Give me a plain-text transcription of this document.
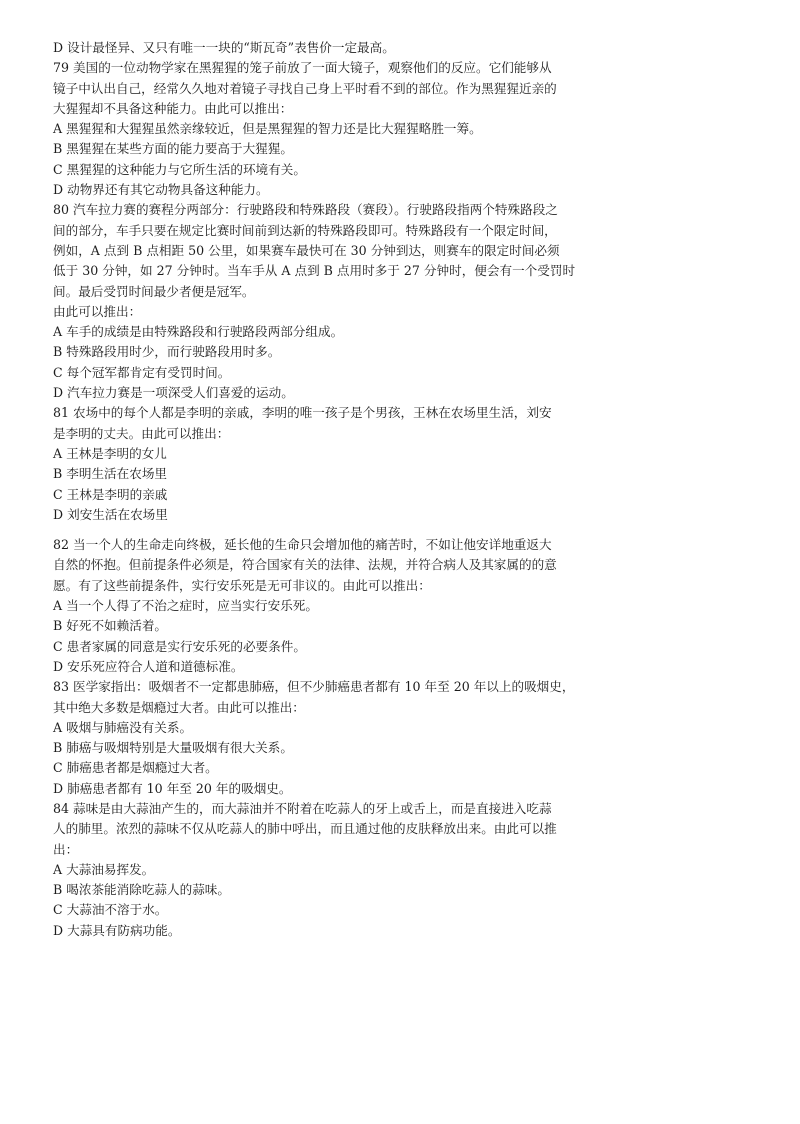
D 设计最怪异、又只有唯一一块的“斯瓦奇”表售价一定最高。
79 美国的一位动物学家在黑猩猩的笼子前放了一面大镜子，观察他们的反应。它们能够从
镜子中认出自己，经常久久地对着镜子寻找自己身上平时看不到的部位。作为黑猩猩近亲的
大猩猩却不具备这种能力。由此可以推出：
A 黑猩猩和大猩猩虽然亲缘较近，但是黑猩猩的智力还是比大猩猩略胜一筹。
B 黑猩猩在某些方面的能力要高于大猩猩。
C 黑猩猩的这种能力与它所生活的环境有关。
D 动物界还有其它动物具备这种能力。
80 汽车拉力赛的赛程分两部分：行驶路段和特殊路段（赛段）。行驶路段指两个特殊路段之
间的部分，车手只要在规定比赛时间前到达新的特殊路段即可。特殊路段有一个限定时间，
例如，A 点到 B 点相距 50 公里，如果赛车最快可在 30 分钟到达，则赛车的限定时间必须
低于 30 分钟，如 27 分钟时。当车手从 A 点到 B 点用时多于 27 分钟时，便会有一个受罚时
间。最后受罚时间最少者便是冠军。
由此可以推出：
A 车手的成绩是由特殊路段和行驶路段两部分组成。
B 特殊路段用时少，而行驶路段用时多。
C 每个冠军都肯定有受罚时间。
D 汽车拉力赛是一项深受人们喜爱的运动。
81 农场中的每个人都是李明的亲戚，李明的唯一孩子是个男孩，王林在农场里生活，刘安
是李明的丈夫。由此可以推出：
A 王林是李明的女儿
B 李明生活在农场里
C 王林是李明的亲戚
D 刘安生活在农场里
82 当一个人的生命走向终极，延长他的生命只会增加他的痛苦时，不如让他安详地重返大
自然的怀抱。但前提条件必须是，符合国家有关的法律、法规，并符合病人及其家属的的意
愿。有了这些前提条件，实行安乐死是无可非议的。由此可以推出：
A 当一个人得了不治之症时，应当实行安乐死。
B 好死不如赖活着。
C 患者家属的同意是实行安乐死的必要条件。
D 安乐死应符合人道和道德标准。
83 医学家指出：吸烟者不一定都患肺癌，但不少肺癌患者都有 10 年至 20 年以上的吸烟史，
其中绝大多数是烟瘾过大者。由此可以推出：
A 吸烟与肺癌没有关系。
B 肺癌与吸烟特别是大量吸烟有很大关系。
C 肺癌患者都是烟瘾过大者。
D 肺癌患者都有 10 年至 20 年的吸烟史。
84 蒜味是由大蒜油产生的，而大蒜油并不附着在吃蒜人的牙上或舌上，而是直接进入吃蒜
人的肺里。浓烈的蒜味不仅从吃蒜人的肺中呼出，而且通过他的皮肤释放出来。由此可以推
出：
A 大蒜油易挥发。
B 喝浓茶能消除吃蒜人的蒜味。
C 大蒜油不溶于水。
D 大蒜具有防病功能。
